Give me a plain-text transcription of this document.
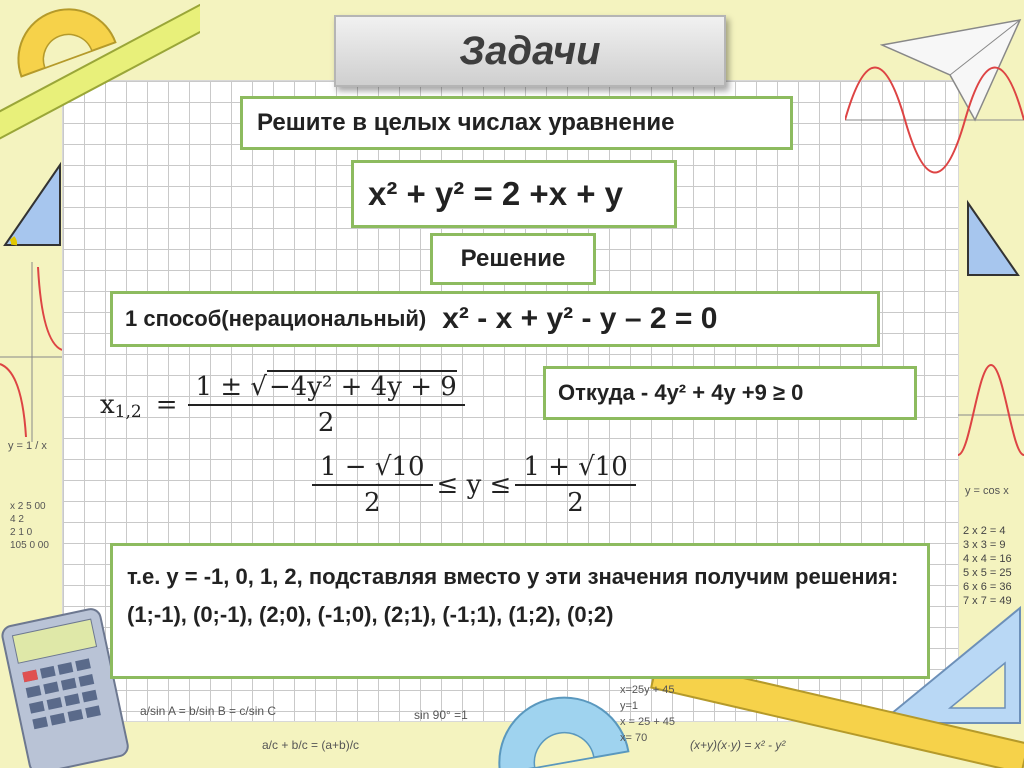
y = 1 / x
x 2 5 00
4 2
2 1 0
105 0 00
y = cos x
2 x 2 = 4
3 x 3 = 9
4 x 4 = 16
5 x 5 = 25
6 x 6 = 36
7 x 7 = 49
a/sin A = b/sin B = c/sin C
a/c + b/c = (a+b)/c
sin 90° =1
x=25y + 45
y=1
x = 25 + 45
x= 70	(x+y)(x·y) = x² - y²
Задачи
Решите в целых числах уравнение
x² + y² = 2 +x + y
Решение
1 способ(нерациональный) x² - x + y² - y – 2 = 0
$x_{1,2} = \frac{\text{1 ± √−4y² + 4y + 9}}{2}$	Откуда - 4y² + 4y +9 ≥ 0
$\frac{1 - √10}{2} \le y \le \frac{1 + √10}{2}$
т.е. y = -1, 0, 1, 2, подставляя вместо y эти значения получим решения: (1;-1), (0;-1), (2;0), (-1;0), (2;1), (-1;1), (1;2), (0;2)
